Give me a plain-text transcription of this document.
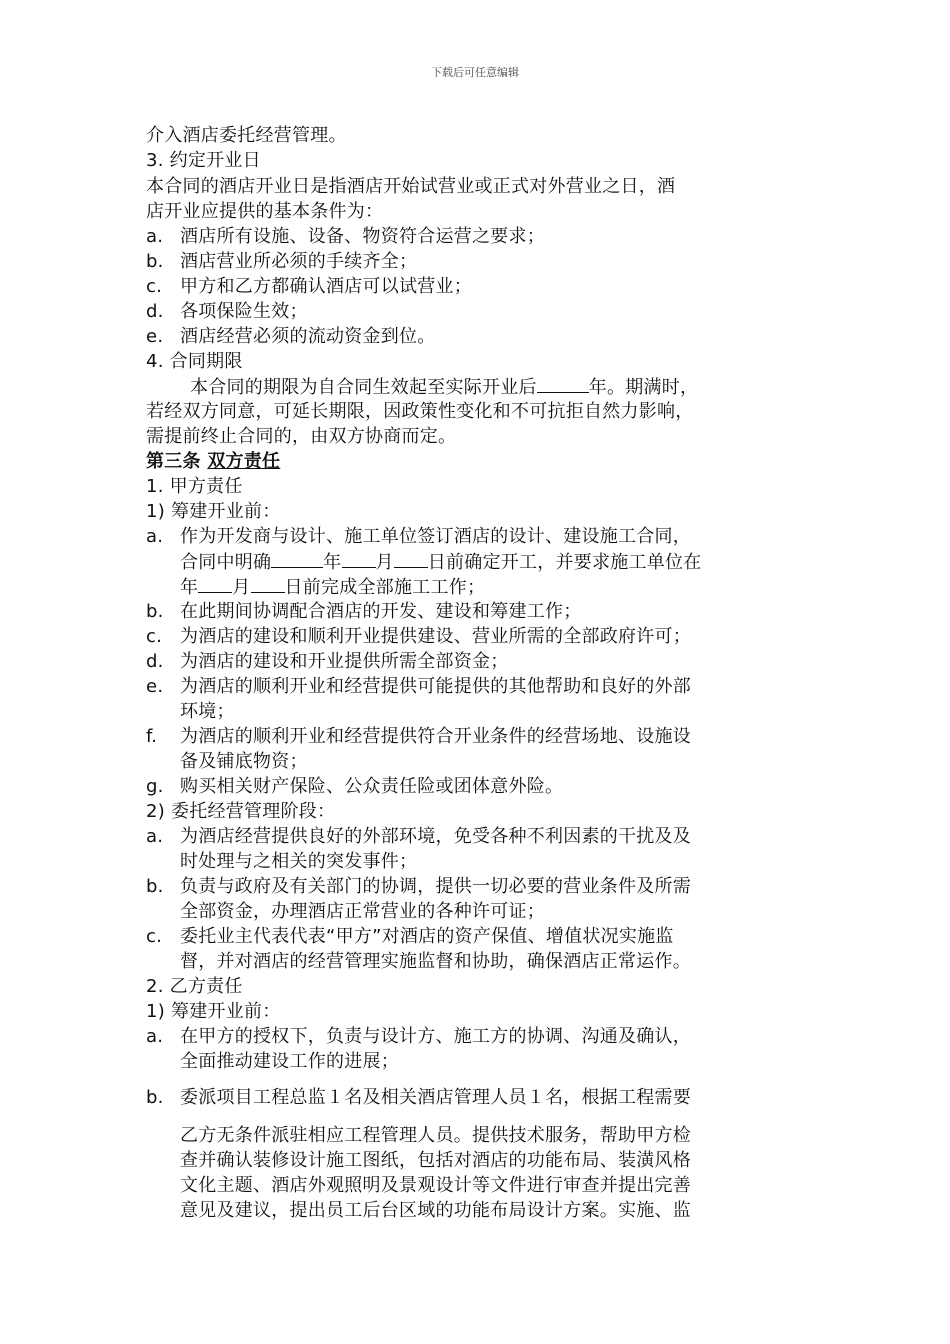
下载后可任意编辑
介入酒店委托经营管理。
3. 约定开业日
本合同的酒店开业日是指酒店开始试营业或正式对外营业之日，酒
店开业应提供的基本条件为：
a. 酒店所有设施、设备、物资符合运营之要求；
b. 酒店营业所必须的手续齐全；
c. 甲方和乙方都确认酒店可以试营业；
d. 各项保险生效；
e. 酒店经营必须的流动资金到位。
4. 合同期限
本合同的期限为自合同生效起至实际开业后	年。期满时，
若经双方同意，可延长期限，因政策性变化和不可抗拒自然力影响，
需提前终止合同的，由双方协商而定。
第三条 双方责任
1. 甲方责任
1) 筹建开业前：
a. 作为开发商与设计、施工单位签订酒店的设计、建设施工合同，
合同中明确	年 月 日前确定开工，并要求施工单位在
年 月 日前完成全部施工工作；
b. 在此期间协调配合酒店的开发、建设和筹建工作；
c. 为酒店的建设和顺利开业提供建设、营业所需的全部政府许可；
d. 为酒店的建设和开业提供所需全部资金；
e. 为酒店的顺利开业和经营提供可能提供的其他帮助和良好的外部
环境；
f. 为酒店的顺利开业和经营提供符合开业条件的经营场地、设施设
备及铺底物资；
g. 购买相关财产保险、公众责任险或团体意外险。
2) 委托经营管理阶段：
a. 为酒店经营提供良好的外部环境，免受各种不利因素的干扰及及
时处理与之相关的突发事件；
b. 负责与政府及有关部门的协调，提供一切必要的营业条件及所需
全部资金，办理酒店正常营业的各种许可证；
c. 委托业主代表代表“甲方”对酒店的资产保值、增值状况实施监
督，并对酒店的经营管理实施监督和协助，确保酒店正常运作。
2. 乙方责任
1) 筹建开业前：
a. 在甲方的授权下，负责与设计方、施工方的协调、沟通及确认，
全面推动建设工作的进展；
b. 委派项目工程总监１名及相关酒店管理人员１名，根据工程需要
乙方无条件派驻相应工程管理人员。提供技术服务，帮助甲方检
查并确认装修设计施工图纸，包括对酒店的功能布局、装潢风格
文化主题、酒店外观照明及景观设计等文件进行审查并提出完善
意见及建议，提出员工后台区域的功能布局设计方案。实施、监
